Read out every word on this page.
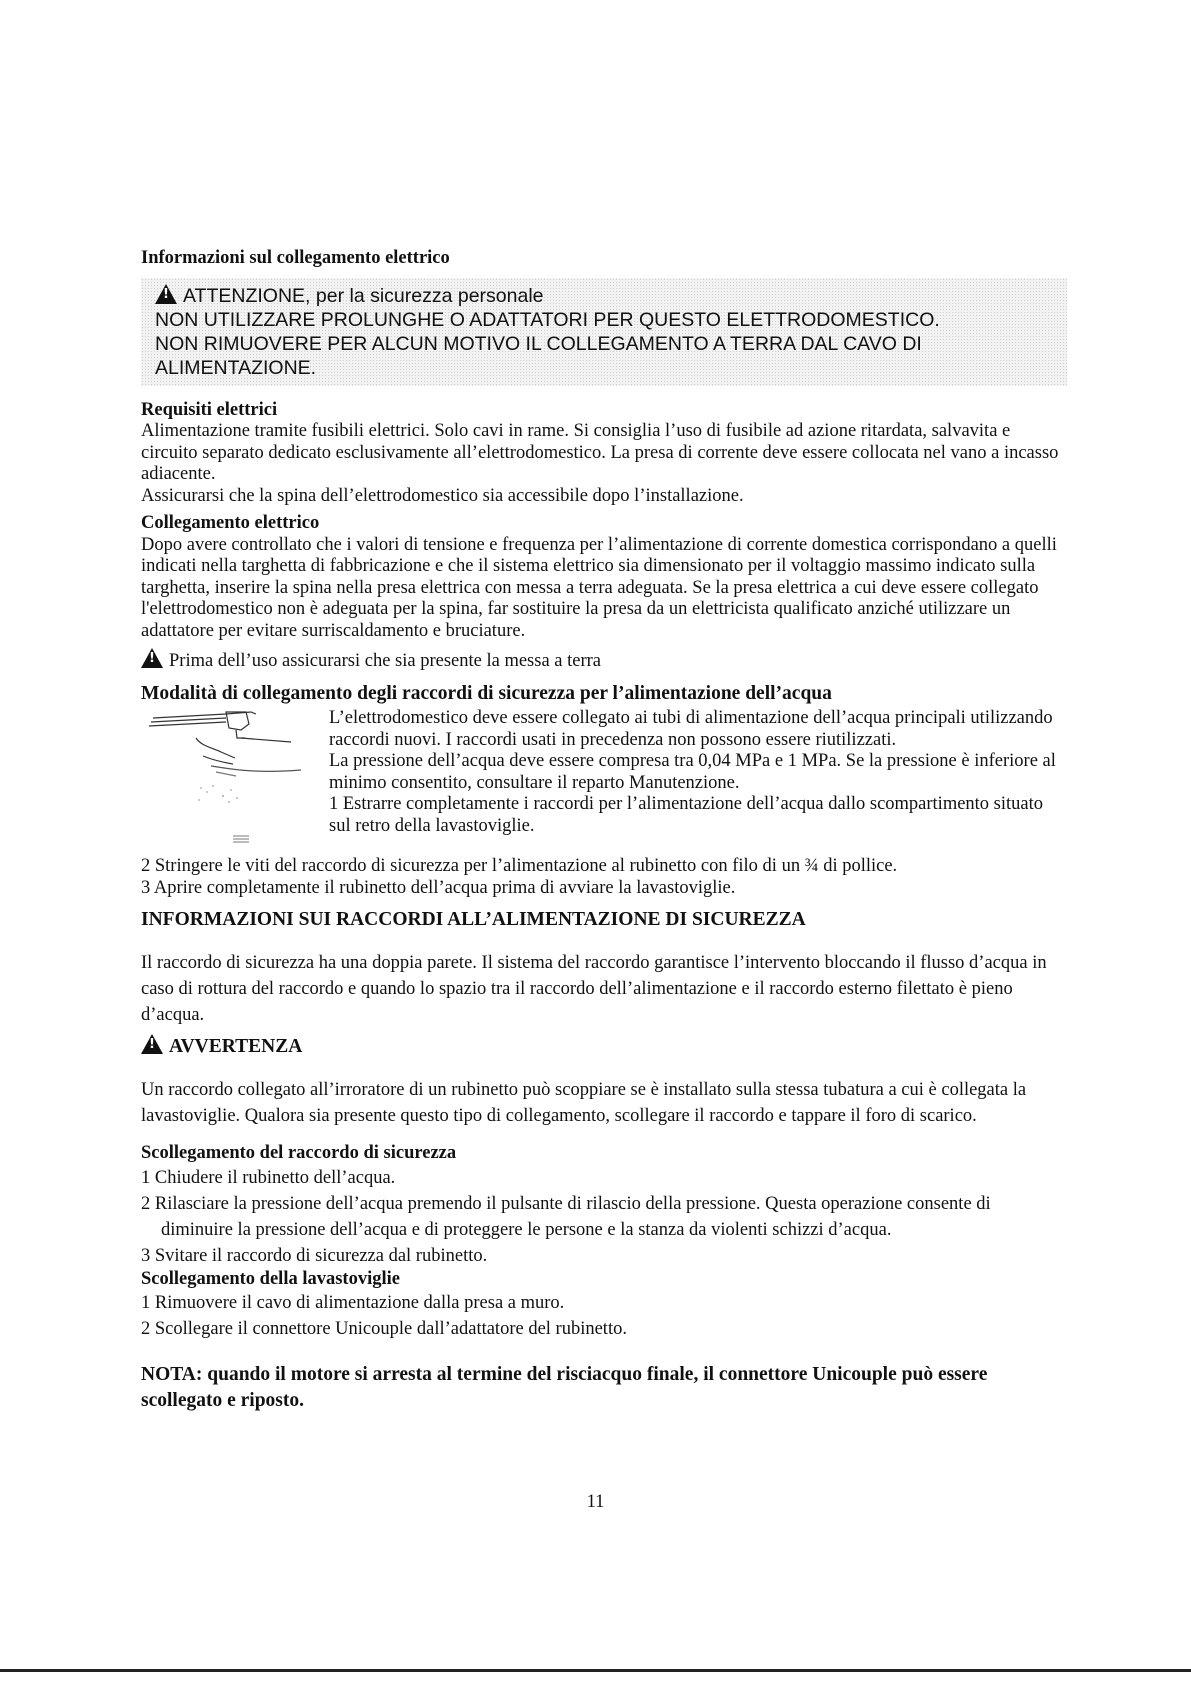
Informazioni sul collegamento elettrico

!ATTENZIONE, per la sicurezza personale
NON UTILIZZARE PROLUNGHE O ADATTATORI PER QUESTO ELETTRODOMESTICO.
NON RIMUOVERE PER ALCUN MOTIVO IL COLLEGAMENTO A TERRA DAL CAVO DI
ALIMENTAZIONE.

Requisiti elettrici

Alimentazione tramite fusibili elettrici. Solo cavi in rame. Si consiglia l’uso di fusibile ad azione ritardata, salvavita e circuito separato dedicato esclusivamente all’elettrodomestico. La presa di corrente deve essere collocata nel vano a incasso adiacente.

Assicurarsi che la spina dell’elettrodomestico sia accessibile dopo l’installazione.

Collegamento elettrico

Dopo avere controllato che i valori di tensione e frequenza per l’alimentazione di corrente domestica corrispondano a quelli indicati nella targhetta di fabbricazione e che il sistema elettrico sia dimensionato per il voltaggio massimo indicato sulla targhetta, inserire la spina nella presa elettrica con messa a terra adeguata. Se la presa elettrica a cui deve essere collegato l'elettrodomestico non è adeguata per la spina, far sostituire la presa da un elettricista qualificato anziché utilizzare un adattatore per evitare surriscaldamento e bruciature.

!Prima dell’uso assicurarsi che sia presente la messa a terra

Modalità di collegamento degli raccordi di sicurezza per l’alimentazione dell’acqua

L’elettrodomestico deve essere collegato ai tubi di alimentazione dell’acqua principali utilizzando raccordi nuovi. I raccordi usati in precedenza non possono essere riutilizzati.

La pressione dell’acqua deve essere compresa tra 0,04 MPa e 1 MPa. Se la pressione è inferiore al minimo consentito, consultare il reparto Manutenzione.

1 Estrarre completamente i raccordi per l’alimentazione dell’acqua dallo scompartimento situato sul retro della lavastoviglie.

2 Stringere le viti del raccordo di sicurezza per l’alimentazione al rubinetto con filo di un ¾ di pollice.

3 Aprire completamente il rubinetto dell’acqua prima di avviare la lavastoviglie.

INFORMAZIONI SUI RACCORDI ALL’ALIMENTAZIONE DI SICUREZZA

Il raccordo di sicurezza ha una doppia parete. Il sistema del raccordo garantisce l’intervento bloccando il flusso d’acqua in caso di rottura del raccordo e quando lo spazio tra il raccordo dell’alimentazione e il raccordo esterno filettato è pieno d’acqua.

!AVVERTENZA

Un raccordo collegato all’irroratore di un rubinetto può scoppiare se è installato sulla stessa tubatura a cui è collegata la lavastoviglie. Qualora sia presente questo tipo di collegamento, scollegare il raccordo e tappare il foro di scarico.

Scollegamento del raccordo di sicurezza

1 Chiudere il rubinetto dell’acqua.

2 Rilasciare la pressione dell’acqua premendo il pulsante di rilascio della pressione. Questa operazione consente di diminuire la pressione dell’acqua e di proteggere le persone e la stanza da violenti schizzi d’acqua.

3 Svitare il raccordo di sicurezza dal rubinetto.

Scollegamento della lavastoviglie

1 Rimuovere il cavo di alimentazione dalla presa a muro.

2 Scollegare il connettore Unicouple dall’adattatore del rubinetto.

NOTA: quando il motore si arresta al termine del risciacquo finale, il connettore Unicouple può essere scollegato e riposto.

11
